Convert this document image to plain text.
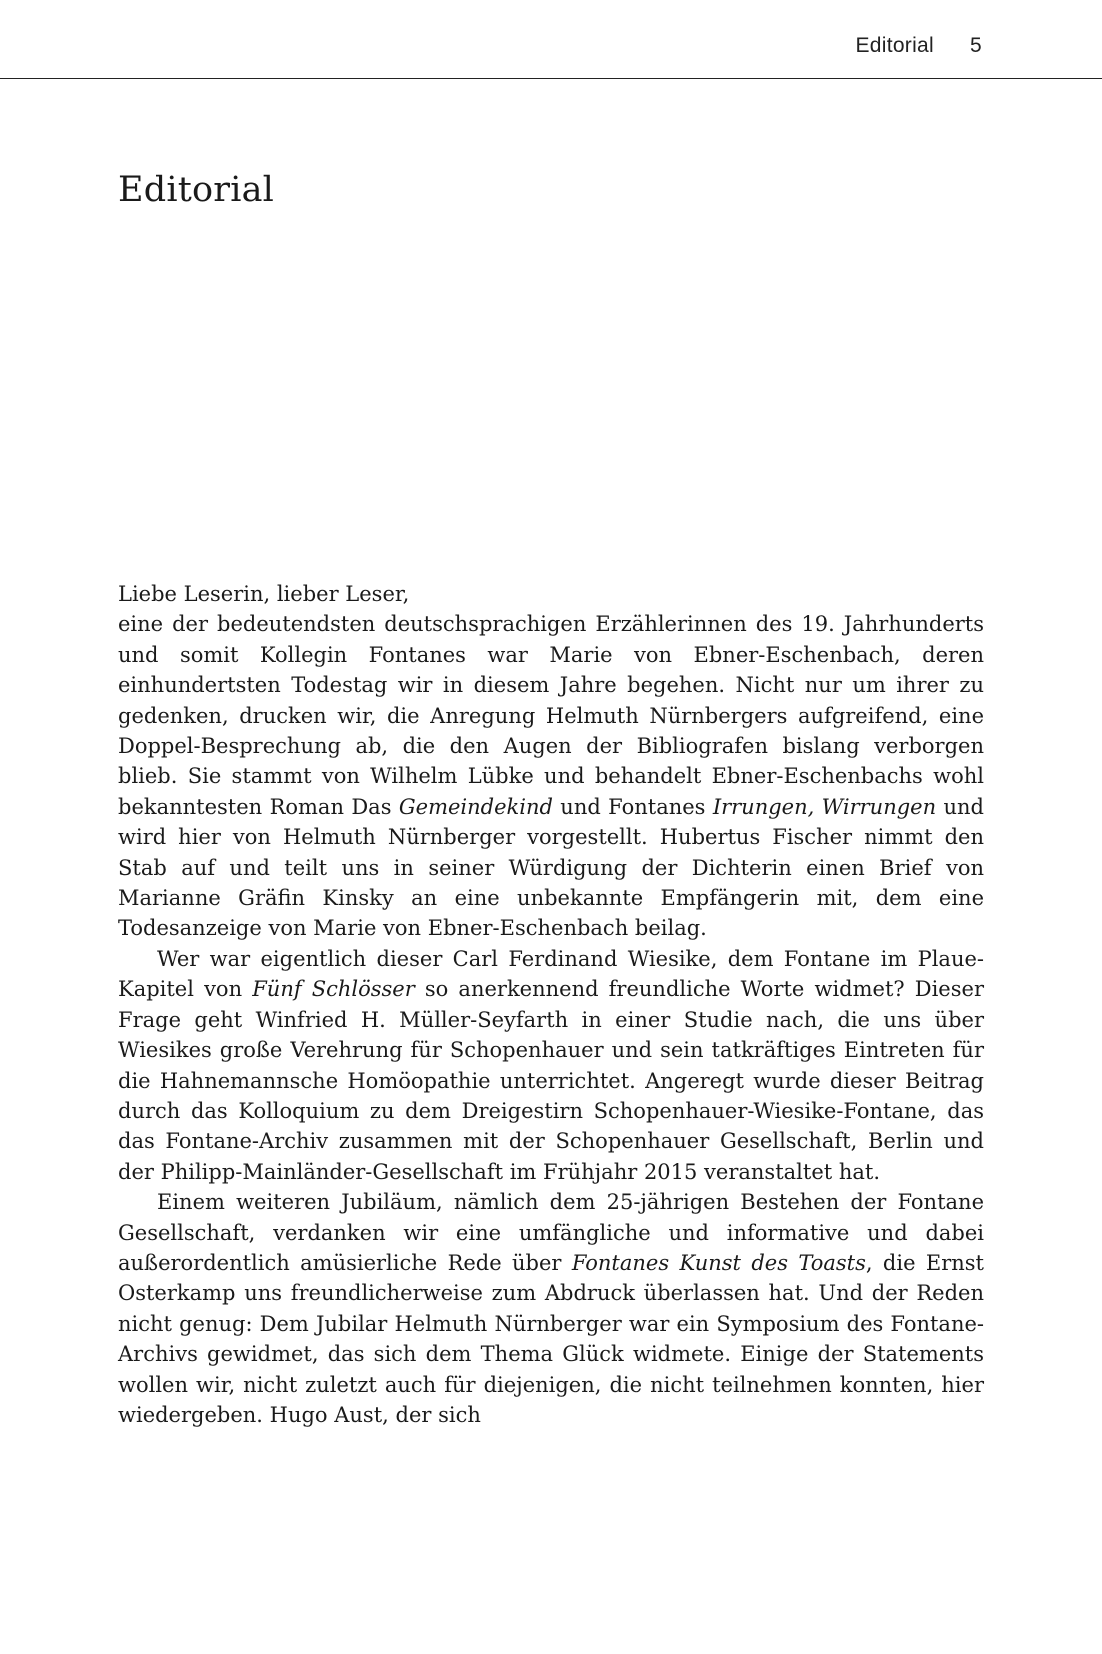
Editorial 5
Editorial

Liebe Leserin, lieber Leser,

eine der bedeutendsten deutschsprachigen Erzählerinnen des 19. Jahrhunderts und somit Kollegin Fontanes war Marie von Ebner-Eschenbach, deren einhundertsten Todestag wir in diesem Jahre begehen. Nicht nur um ihrer zu gedenken, drucken wir, die Anregung Helmuth Nürnbergers aufgreifend, eine Doppel-Besprechung ab, die den Augen der Bibliografen bislang verborgen blieb. Sie stammt von Wilhelm Lübke und behandelt Ebner-Eschenbachs wohl bekanntesten Roman Das Gemeindekind und Fontanes Irrungen, Wirrungen und wird hier von Helmuth Nürnberger vorgestellt. Hubertus Fischer nimmt den Stab auf und teilt uns in seiner Würdigung der Dichterin einen Brief von Marianne Gräfin Kinsky an eine unbekannte Empfängerin mit, dem eine Todesanzeige von Marie von Ebner-Eschenbach beilag.

Wer war eigentlich dieser Carl Ferdinand Wiesike, dem Fontane im Plaue-Kapitel von Fünf Schlösser so anerkennend freundliche Worte widmet? Dieser Frage geht Winfried H. Müller-Seyfarth in einer Studie nach, die uns über Wiesikes große Verehrung für Schopenhauer und sein tatkräftiges Eintreten für die Hahnemannsche Homöopathie unterrichtet. Angeregt wurde dieser Beitrag durch das Kolloquium zu dem Dreigestirn Schopenhauer-Wiesike-Fontane, das das Fontane-Archiv zusammen mit der Schopenhauer Gesellschaft, Berlin und der Philipp-Mainländer-Gesellschaft im Frühjahr 2015 veranstaltet hat.

Einem weiteren Jubiläum, nämlich dem 25-jährigen Bestehen der Fontane Gesellschaft, verdanken wir eine umfängliche und informative und dabei außerordentlich amüsierliche Rede über Fontanes Kunst des Toasts, die Ernst Osterkamp uns freundlicherweise zum Abdruck überlassen hat. Und der Reden nicht genug: Dem Jubilar Helmuth Nürnberger war ein Symposium des Fontane-Archivs gewidmet, das sich dem Thema Glück widmete. Einige der Statements wollen wir, nicht zuletzt auch für diejenigen, die nicht teilnehmen konnten, hier wiedergeben. Hugo Aust, der sich
